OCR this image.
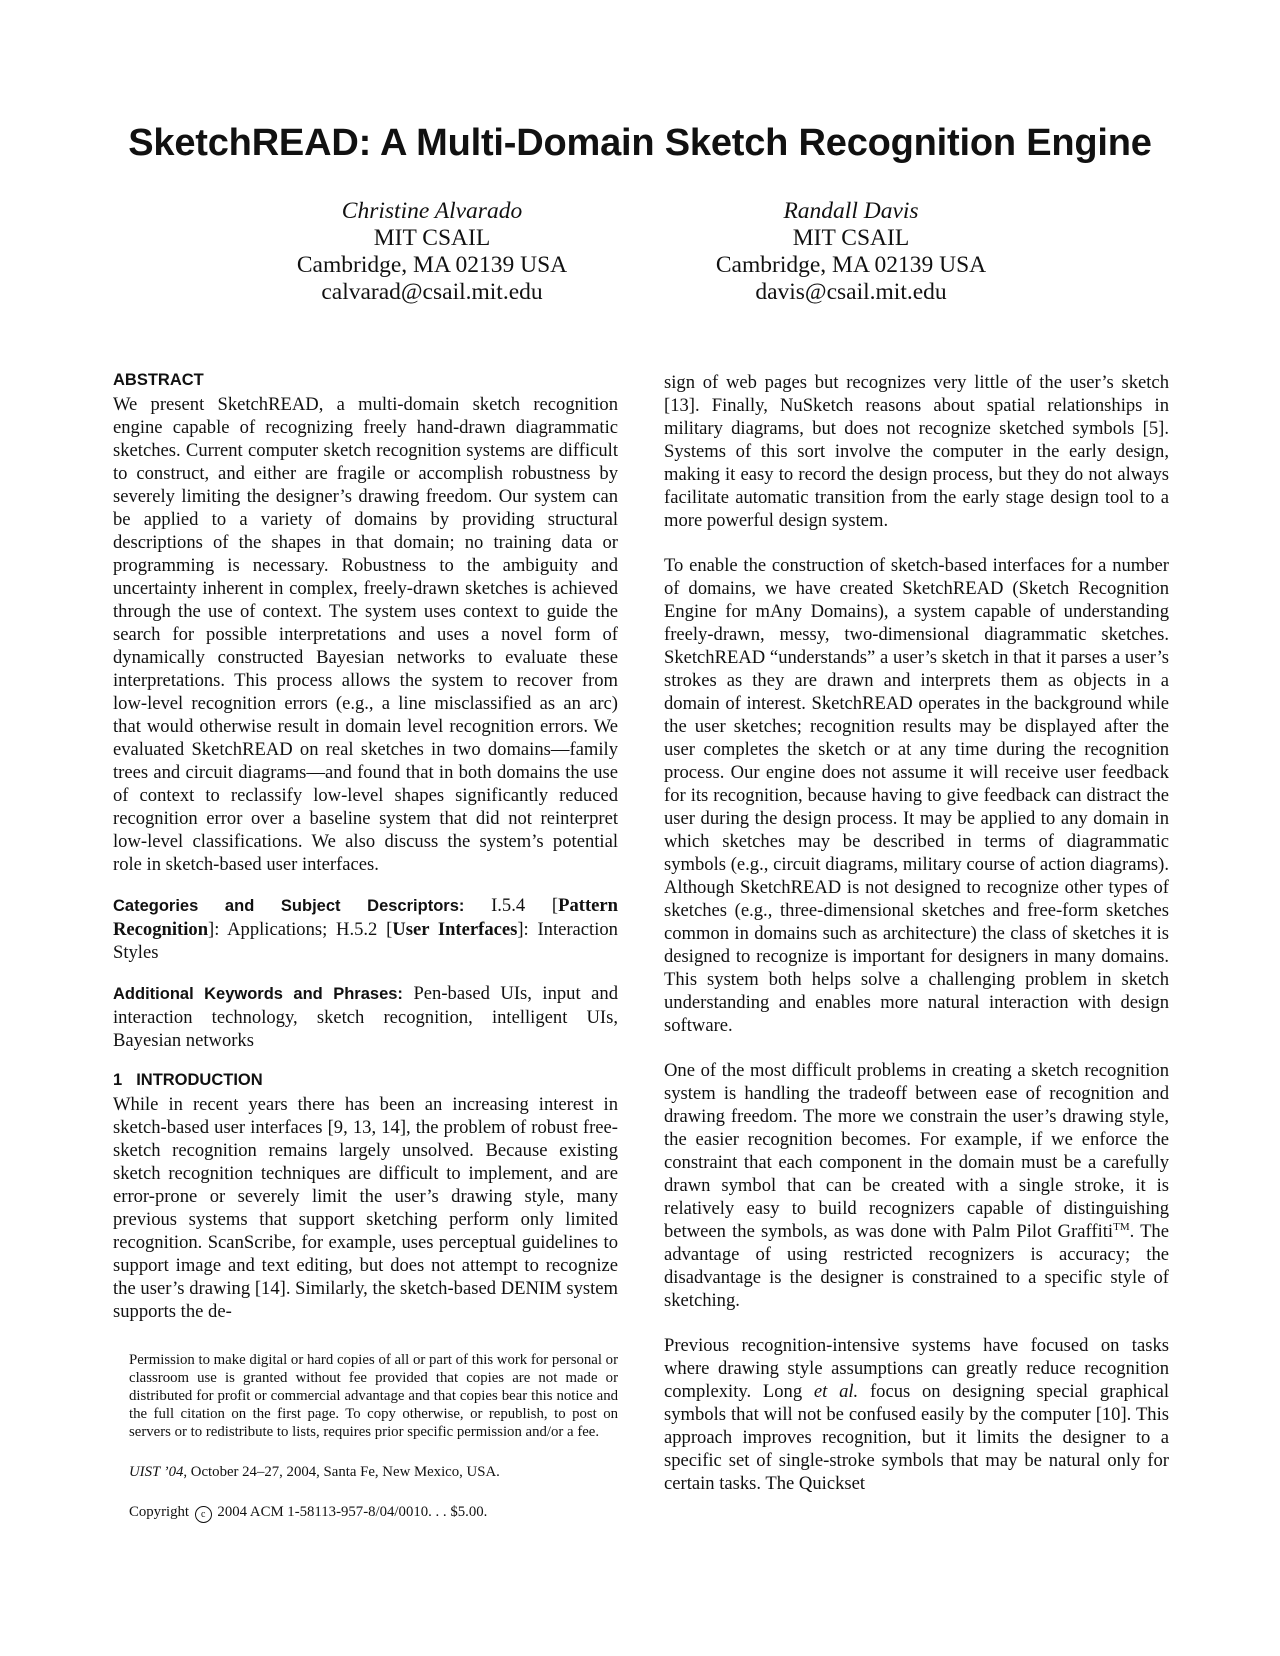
SketchREAD: A Multi-Domain Sketch Recognition Engine
Christine Alvarado
MIT CSAIL
Cambridge, MA 02139 USA
calvarad@csail.mit.edu
Randall Davis
MIT CSAIL
Cambridge, MA 02139 USA
davis@csail.mit.edu
ABSTRACT

We present SketchREAD, a multi-domain sketch recognition engine capable of recognizing freely hand-drawn diagrammatic sketches. Current computer sketch recognition systems are difficult to construct, and either are fragile or accomplish robustness by severely limiting the designer’s drawing freedom. Our system can be applied to a variety of domains by providing structural descriptions of the shapes in that domain; no training data or programming is necessary. Robustness to the ambiguity and uncertainty inherent in complex, freely-drawn sketches is achieved through the use of context. The system uses context to guide the search for possible interpretations and uses a novel form of dynamically constructed Bayesian networks to evaluate these interpretations. This process allows the system to recover from low-level recognition errors (e.g., a line misclassified as an arc) that would otherwise result in domain level recognition errors. We evaluated SketchREAD on real sketches in two domains—family trees and circuit diagrams—and found that in both domains the use of context to reclassify low-level shapes significantly reduced recognition error over a baseline system that did not reinterpret low-level classifications. We also discuss the system’s potential role in sketch-based user interfaces.

Categories and Subject Descriptors: I.5.4 [Pattern Recognition]: Applications; H.5.2 [User Interfaces]: Interaction Styles

Additional Keywords and Phrases: Pen-based UIs, input and interaction technology, sketch recognition, intelligent UIs, Bayesian networks

1 INTRODUCTION

While in recent years there has been an increasing interest in sketch-based user interfaces [9, 13, 14], the problem of robust free-sketch recognition remains largely unsolved. Because existing sketch recognition techniques are difficult to implement, and are error-prone or severely limit the user’s drawing style, many previous systems that support sketching perform only limited recognition. ScanScribe, for example, uses perceptual guidelines to support image and text editing, but does not attempt to recognize the user’s drawing [14]. Similarly, the sketch-based DENIM system supports the de-

Permission to make digital or hard copies of all or part of this work for personal or classroom use is granted without fee provided that copies are not made or distributed for profit or commercial advantage and that copies bear this notice and the full citation on the first page. To copy otherwise, or republish, to post on servers or to redistribute to lists, requires prior specific permission and/or a fee.

UIST ’04, October 24–27, 2004, Santa Fe, New Mexico, USA.

Copyright c 2004 ACM 1-58113-957-8/04/0010. . . $5.00.

sign of web pages but recognizes very little of the user’s sketch [13]. Finally, NuSketch reasons about spatial relationships in military diagrams, but does not recognize sketched symbols [5]. Systems of this sort involve the computer in the early design, making it easy to record the design process, but they do not always facilitate automatic transition from the early stage design tool to a more powerful design system.

To enable the construction of sketch-based interfaces for a number of domains, we have created SketchREAD (Sketch Recognition Engine for mAny Domains), a system capable of understanding freely-drawn, messy, two-dimensional diagrammatic sketches. SketchREAD “understands” a user’s sketch in that it parses a user’s strokes as they are drawn and interprets them as objects in a domain of interest. SketchREAD operates in the background while the user sketches; recognition results may be displayed after the user completes the sketch or at any time during the recognition process. Our engine does not assume it will receive user feedback for its recognition, because having to give feedback can distract the user during the design process. It may be applied to any domain in which sketches may be described in terms of diagrammatic symbols (e.g., circuit diagrams, military course of action diagrams). Although SketchREAD is not designed to recognize other types of sketches (e.g., three-dimensional sketches and free-form sketches common in domains such as architecture) the class of sketches it is designed to recognize is important for designers in many domains. This system both helps solve a challenging problem in sketch understanding and enables more natural interaction with design software.

One of the most difficult problems in creating a sketch recognition system is handling the tradeoff between ease of recognition and drawing freedom. The more we constrain the user’s drawing style, the easier recognition becomes. For example, if we enforce the constraint that each component in the domain must be a carefully drawn symbol that can be created with a single stroke, it is relatively easy to build recognizers capable of distinguishing between the symbols, as was done with Palm Pilot Graffiti™. The advantage of using restricted recognizers is accuracy; the disadvantage is the designer is constrained to a specific style of sketching.

Previous recognition-intensive systems have focused on tasks where drawing style assumptions can greatly reduce recognition complexity. Long et al. focus on designing special graphical symbols that will not be confused easily by the computer [10]. This approach improves recognition, but it limits the designer to a specific set of single-stroke symbols that may be natural only for certain tasks. The Quickset
